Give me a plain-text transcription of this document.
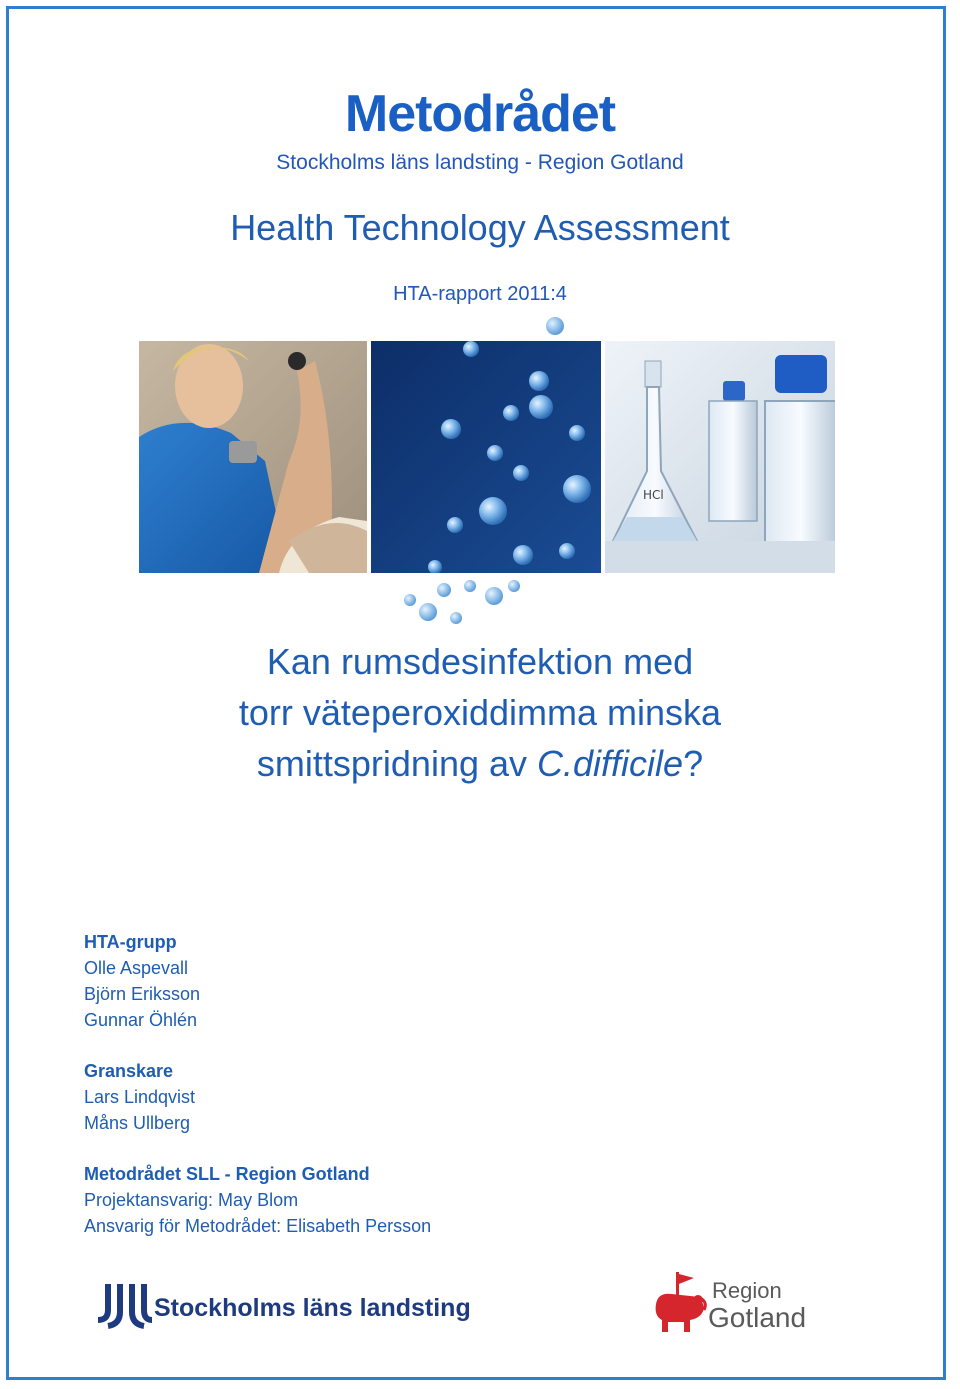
Metodrådet
Stockholms läns landsting - Region Gotland
Health Technology Assessment
HTA-rapport 2011:4
HCl
Kan rumsdesinfektion med
torr väteperoxiddimma minska
smittspridning av C.difficile?
HTA-grupp
Olle Aspevall
Björn Eriksson
Gunnar Öhlén
Granskare
Lars Lindqvist
Måns Ullberg
Metodrådet SLL - Region Gotland
Projektansvarig: May Blom
Ansvarig för Metodrådet: Elisabeth Persson
Stockholms läns landsting
Region
Gotland
